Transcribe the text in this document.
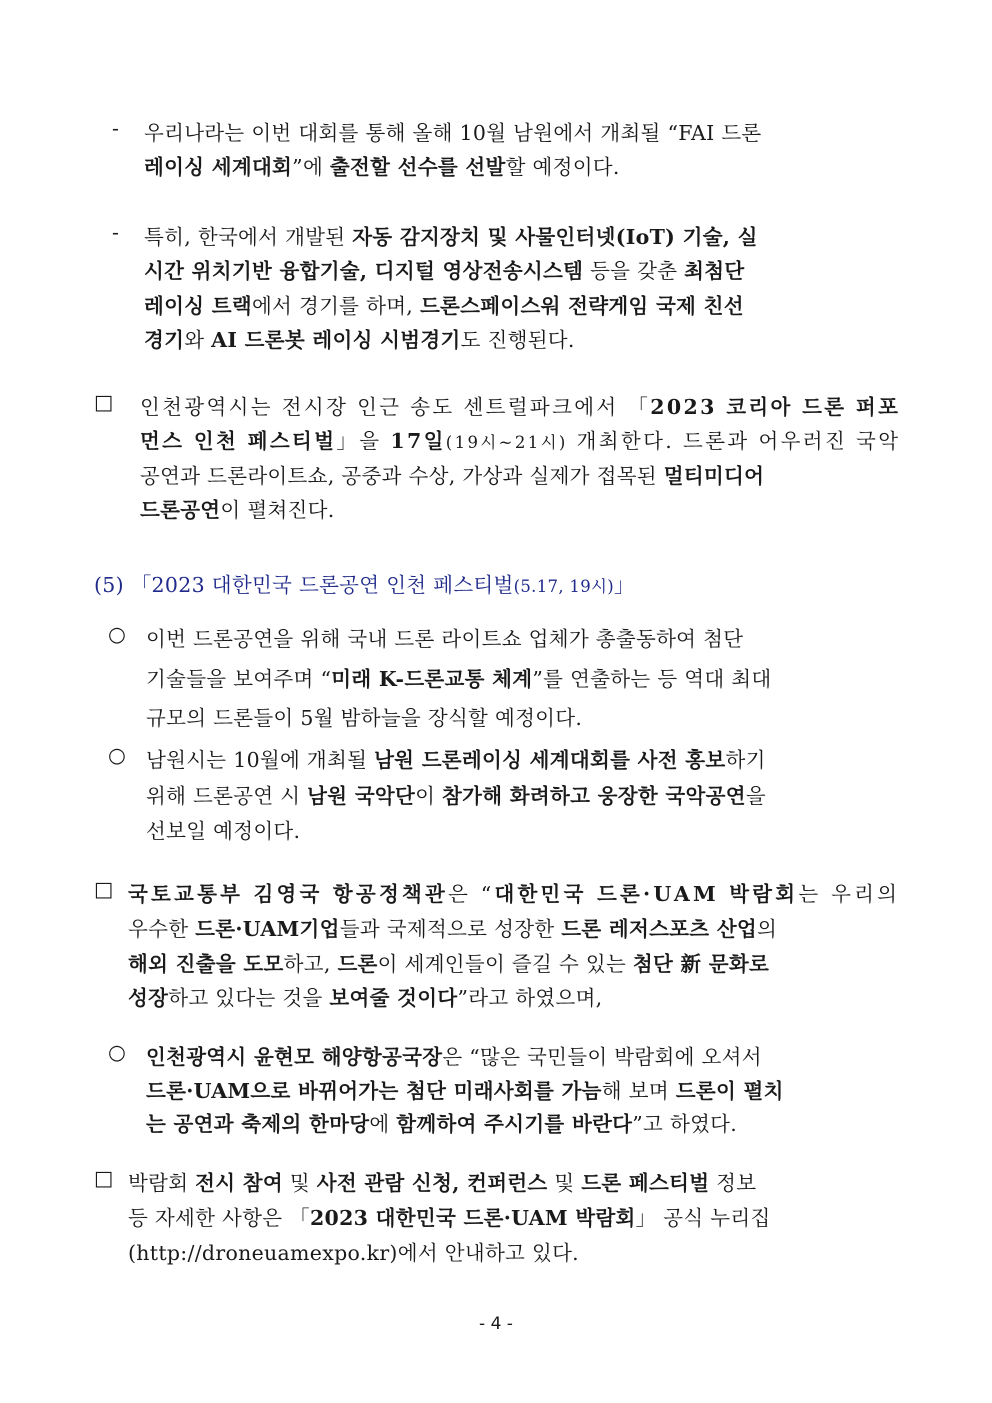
- 우리나라는 이번 대회를 통해 올해 10월 남원에서 개최될 “FAI 드론
레이싱 세계대회”에 출전할 선수를 선발할 예정이다.
- 특히, 한국에서 개발된 자동 감지장치 및 사물인터넷(IoT) 기술, 실
시간 위치기반 융합기술, 디지털 영상전송시스템 등을 갖춘 최첨단
레이싱 트랙에서 경기를 하며, 드론스페이스워 전략게임 국제 친선
경기와 AI 드론봇 레이싱 시범경기도 진행된다.
□ 인천광역시는 전시장 인근 송도 센트럴파크에서 「2023 코리아 드론 퍼포
먼스 인천 페스티벌」을 17일(19시~21시) 개최한다. 드론과 어우러진 국악
공연과 드론라이트쇼, 공중과 수상, 가상과 실제가 접목된 멀티미디어
드론공연이 펼쳐진다.
(5) 「2023 대한민국 드론공연 인천 페스티벌(5.17, 19시)」
○ 이번 드론공연을 위해 국내 드론 라이트쇼 업체가 총출동하여 첨단
기술들을 보여주며 “미래 K-드론교통 체계”를 연출하는 등 역대 최대
규모의 드론들이 5월 밤하늘을 장식할 예정이다.
○ 남원시는 10월에 개최될 남원 드론레이싱 세계대회를 사전 홍보하기
위해 드론공연 시 남원 국악단이 참가해 화려하고 웅장한 국악공연을
선보일 예정이다.
□ 국토교통부 김영국 항공정책관은 “대한민국 드론·UAM 박람회는 우리의
우수한 드론·UAM기업들과 국제적으로 성장한 드론 레저스포츠 산업의
해외 진출을 도모하고, 드론이 세계인들이 즐길 수 있는 첨단 新 문화로
성장하고 있다는 것을 보여줄 것이다”라고 하였으며,
○ 인천광역시 윤현모 해양항공국장은 “많은 국민들이 박람회에 오셔서
드론·UAM으로 바뀌어가는 첨단 미래사회를 가늠해 보며 드론이 펼치
는 공연과 축제의 한마당에 함께하여 주시기를 바란다”고 하였다.
□ 박람회 전시 참여 및 사전 관람 신청, 컨퍼런스 및 드론 페스티벌 정보
등 자세한 사항은 「2023 대한민국 드론·UAM 박람회」 공식 누리집
(http://droneuamexpo.kr)에서 안내하고 있다.
- 4 -
